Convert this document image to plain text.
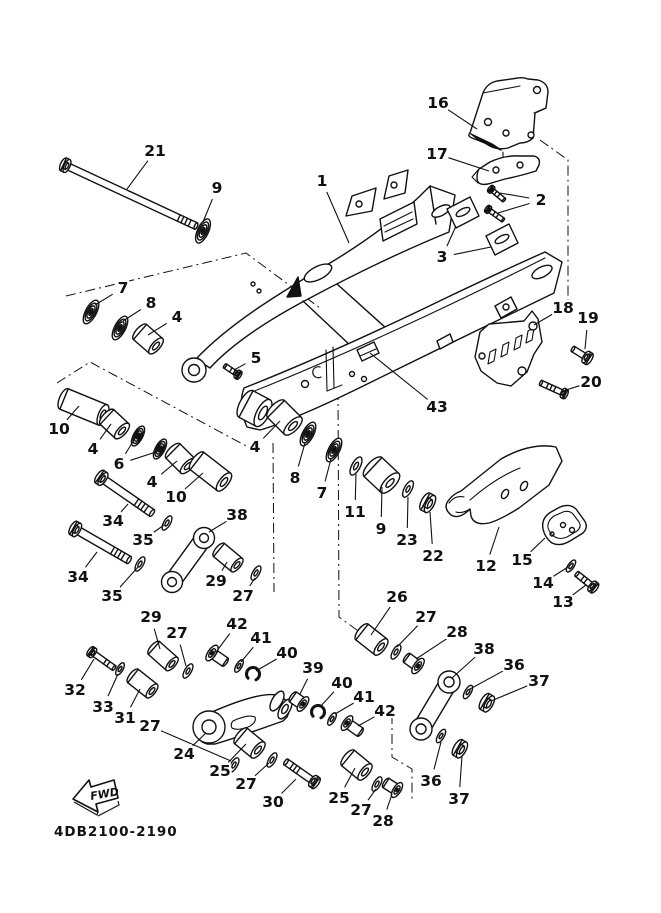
1
21
9
16
17
2
3
7
8
4
5
18
19
20
10
4
6
4
10
4
8
7
11
9
23
22
43
12 15
14
13
34
35
38
29
27
34
35
29
27 42
41
40
39
40
41
42
32
33
31 27
24
25
27
30	25
27
28
26
27
28
38
36
37
36
37
FWD
4DB2100-2190
